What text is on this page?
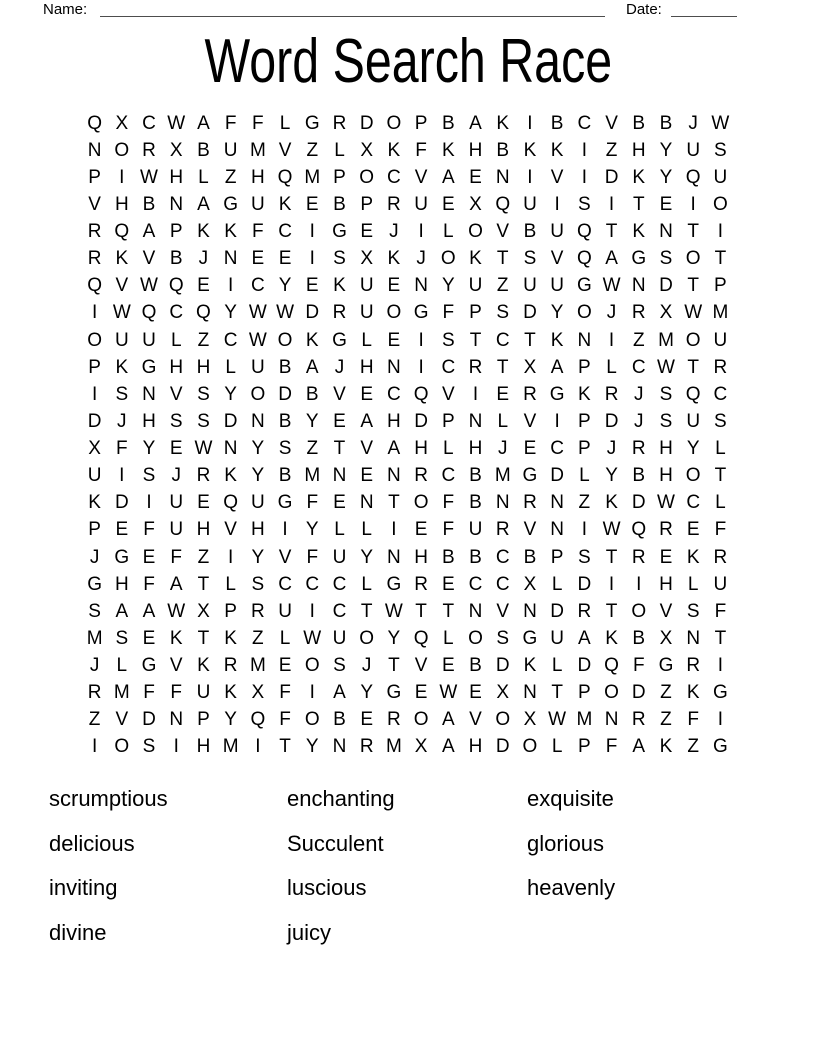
Name:	Date:
Word Search Race
Q X C W A F F L G R D O P B A K I B C V B B J W
N O R X B U M V Z L X K F K H B K K I Z H Y U S
P I W H L Z H Q M P O C V A E N I V I D K Y Q U
V H B N A G U K E B P R U E X Q U I S I T E I O
R Q A P K K F C I G E J	I	L O V B U Q T K N T I
R K V B J N E E I S X K J O K T S V Q A G S O T
Q V W Q E I C Y E K U E N Y U Z U U G W N D T P
I W Q C Q Y W W D R U O G F P S D Y O J R X W M
O U U L Z C W O K G L E I S T C T K N I Z M O U
P K G H H L U B A J H N I C R T X A P L C W T R
I S N V S Y O D B V E C Q V I E R G K R J S Q C
D J H S S D N B Y E A H D P N L V I P D J S U S
X F Y E W N Y S Z T V A H L H J E C P J R H Y L
U I S J R K Y B M N E N R C B M G D L Y B H O T
K D I U E Q U G F E N T O F B N R N Z K D W C L
P E F U H V H I Y L L	I E F U R V N I W Q R E F
J G E F Z I Y V F U Y N H B B C B P S T R E K R
G H F A T L S C C C L G R E C C X L D I	I H L U
S A A W X P R U I C T W T T N V N D R T O V S F
M S E K T K Z L W U O Y Q L O S G U A K B X N T
J L G V K R M E O S J T V E B D K L D Q F G R I
R M F F U K X F I A Y G E W E X N T P O D Z K G
Z V D N P Y Q F O B E R O A V O X W M N R Z F I
I O S I H M I T Y N R M X A H D O L P F A K Z G
scrumptious
delicious
inviting
divine
enchanting
Succulent
luscious
juicy
exquisite
glorious
heavenly
